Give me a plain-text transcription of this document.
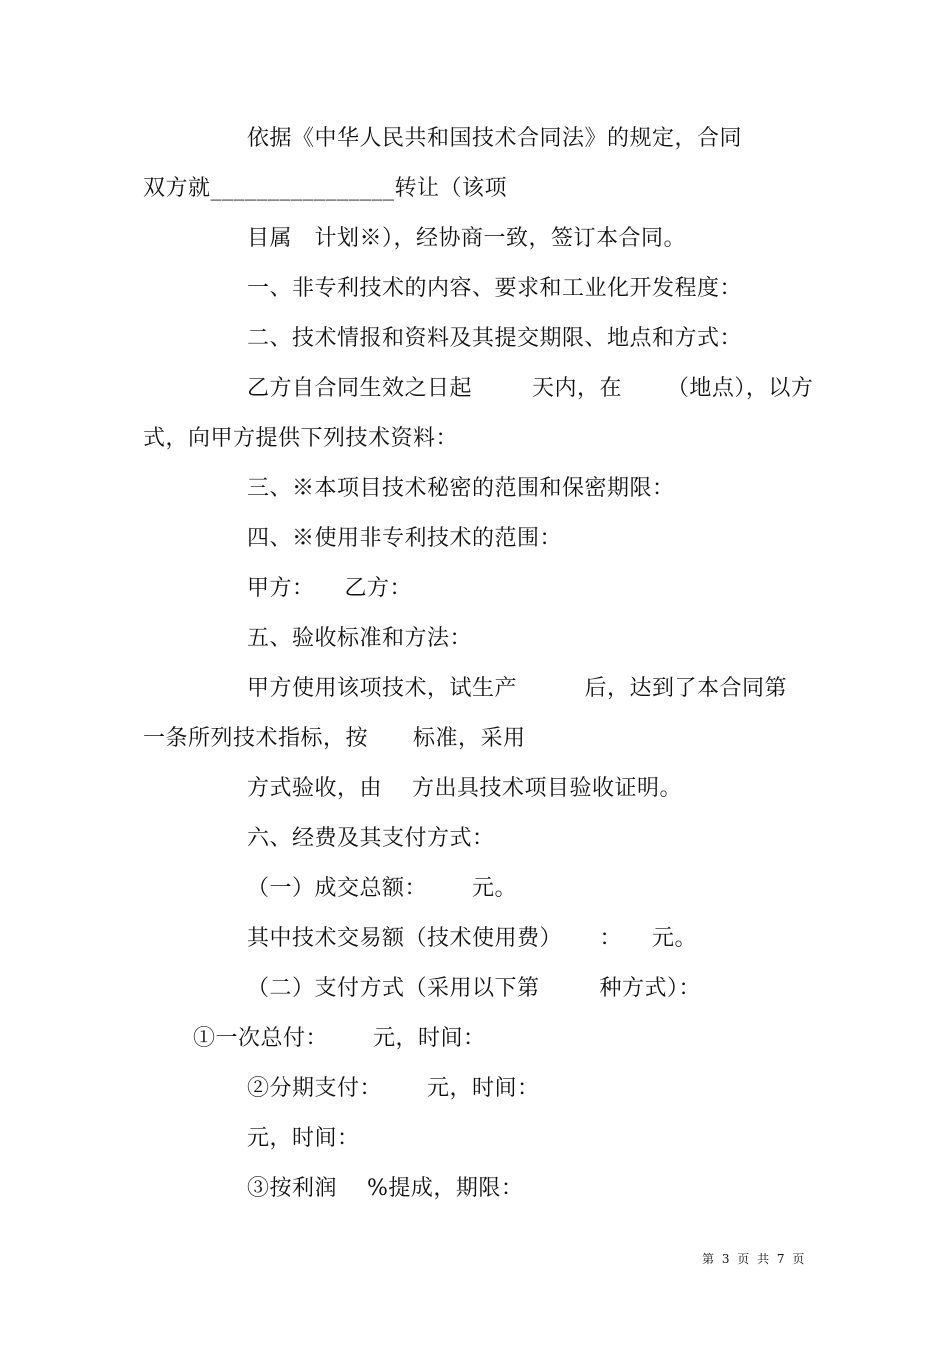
依据《中华人民共和国技术合同法》的规定，合同
双方就________________转让（该项
目属   计划※），经协商一致，签订本合同。
一、非专利技术的内容、要求和工业化开发程度：
二、技术情报和资料及其提交期限、地点和方式：
乙方自合同生效之日起        天内，在      （地点），以方
式，向甲方提供下列技术资料：
三、※本项目技术秘密的范围和保密期限：
四、※使用非专利技术的范围：
甲方：    乙方：
五、验收标准和方法：
甲方使用该项技术，试生产         后，达到了本合同第
一条所列技术指标，按      标准，采用
方式验收，由    方出具技术项目验收证明。
六、经费及其支付方式：
（一）成交总额：      元。
其中技术交易额（技术使用费）     ：    元。
（二）支付方式（采用以下第        种方式）：
①一次总付：      元，时间：
②分期支付：      元，时间：
元，时间：
③按利润    %提成，期限：
第 3 页 共 7 页
